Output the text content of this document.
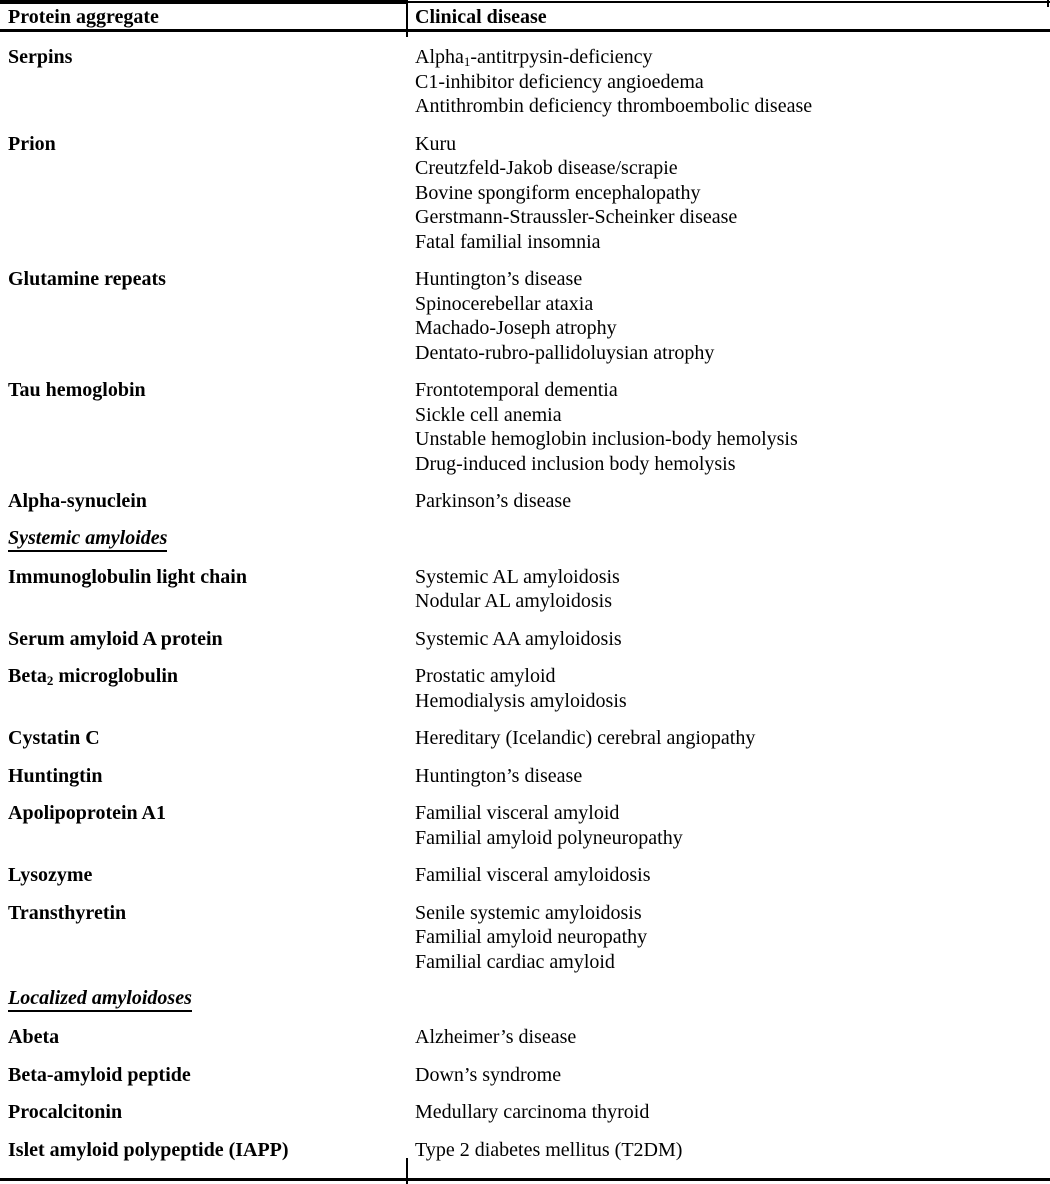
Protein aggregate	Clinical disease
Serpins	Alpha$_1$-antitrpysin-deficiency
C1-inhibitor deficiency angioedema
Antithrombin deficiency thromboembolic disease
Prion	Kuru
Creutzfeld-Jakob disease/scrapie
Bovine spongiform encephalopathy
Gerstmann-Straussler-Scheinker disease
Fatal familial insomnia
Glutamine repeats	Huntington’s disease
Spinocerebellar ataxia
Machado-Joseph atrophy
Dentato-rubro-pallidoluysian atrophy
Tau hemoglobin	Frontotemporal dementia
Sickle cell anemia
Unstable hemoglobin inclusion-body hemolysis
Drug-induced inclusion body hemolysis
Alpha-synuclein	Parkinson’s disease
Systemic amyloides
Immunoglobulin light chain	Systemic AL amyloidosis
Nodular AL amyloidosis
Serum amyloid A protein	Systemic AA amyloidosis
Beta$_2$ microglobulin	Prostatic amyloid
Hemodialysis amyloidosis
Cystatin C	Hereditary (Icelandic) cerebral angiopathy
Huntingtin	Huntington’s disease
Apolipoprotein A1	Familial visceral amyloid
Familial amyloid polyneuropathy
Lysozyme	Familial visceral amyloidosis
Transthyretin	Senile systemic amyloidosis
Familial amyloid neuropathy
Familial cardiac amyloid
Localized amyloidoses
Abeta	Alzheimer’s disease
Beta-amyloid peptide	Down’s syndrome
Procalcitonin	Medullary carcinoma thyroid
Islet amyloid polypeptide (IAPP)	Type 2 diabetes mellitus (T2DM)
